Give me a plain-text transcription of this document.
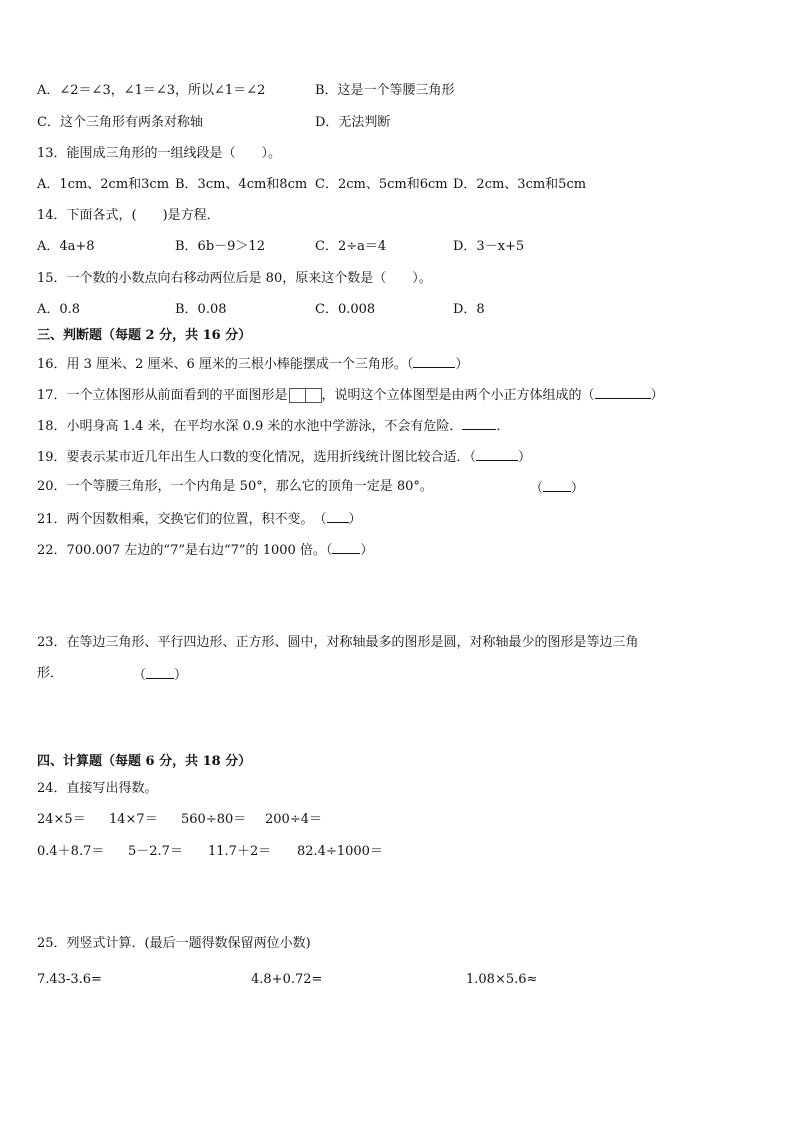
A．∠2＝∠3，∠1＝∠3，所以∠1＝∠2	B．这是一个等腰三角形
C．这个三角形有两条对称轴	D．无法判断
13．能围成三角形的一组线段是（　　）。
A．1cm、2cm和3cm B．3cm、4cm和8cm C．2cm、5cm和6cm D．2cm、3cm和5cm
14．下面各式，(　　)是方程．
A．4a+8	B．6b－9＞12	C．2÷a＝4	D．3－x+5
15．一个数的小数点向右移动两位后是 80，原来这个数是（　　）。
A．0.8	B．0.08	C．0.008	D．8
三、判断题（每题 2 分，共 16 分）
16．用 3 厘米、2 厘米、6 厘米的三根小棒能摆成一个三角形。（	）
17．一个立体图形从前面看到的平面图形是	，说明这个立体图型是由两个小正方体组成的（	）
18．小明身高 1.4 米，在平均水深 0.9 米的水池中学游泳，不会有危险．	．
19．要表示某市近几年出生人口数的变化情况，选用折线统计图比较合适．（	）
20．一个等腰三角形，一个内角是 50°，那么它的顶角一定是 80°。	（ ）
21．两个因数相乘，交换它们的位置，积不变。　（ ）
22．700.007 左边的“7”是右边“7”的 1000 倍。（ ）
23．在等边三角形、平行四边形、正方形、圆中，对称轴最多的图形是圆，对称轴最少的图形是等边三角
形．	（ ）
四、计算题（每题 6 分，共 18 分）
24．直接写出得数。
24×5＝ 14×7＝ 560÷80＝ 200÷4＝
0.4＋8.7＝ 5－2.7＝ 11.7＋2＝ 82.4÷1000＝
25．列竖式计算．(最后一题得数保留两位小数)
7.43-3.6=	4.8+0.72=	1.08×5.6≈
